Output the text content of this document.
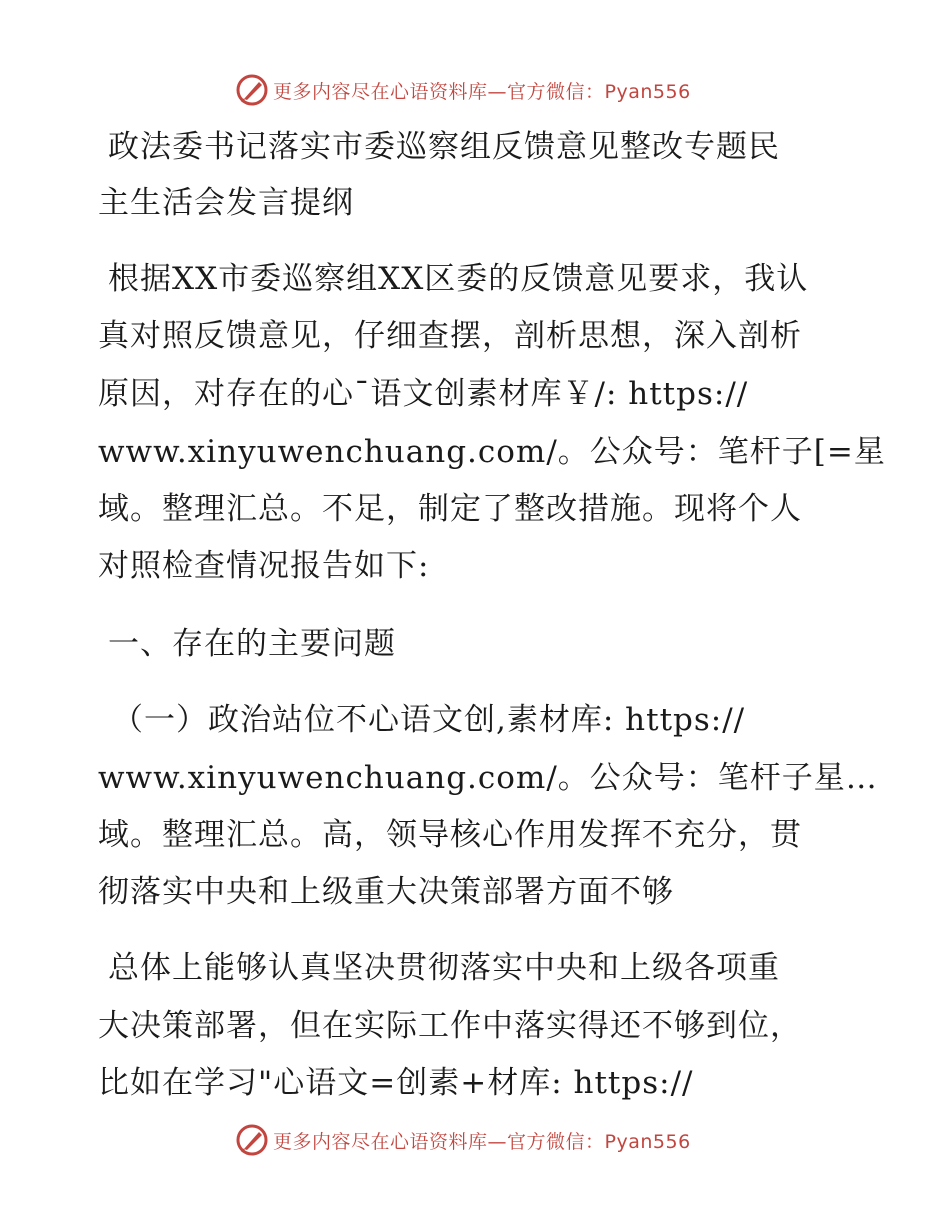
更多内容尽在心语资料库—官方微信：Pyan556
政法委书记落实市委巡察组反馈意见整改专题民
主生活会发言提纲
根据XX市委巡察组XX区委的反馈意见要求，我认
真对照反馈意见，仔细查摆，剖析思想，深入剖析
原因，对存在的心¯语文创素材库￥/: https://
www.xinyuwenchuang.com/。公众号：笔杆子[=星
域。整理汇总。不足，制定了整改措施。现将个人
对照检查情况报告如下:
一、存在的主要问题
（一）政治站位不心语文创,素材库: https://
www.xinyuwenchuang.com/。公众号：笔杆子星…
域。整理汇总。高，领导核心作用发挥不充分，贯
彻落实中央和上级重大决策部署方面不够
总体上能够认真坚决贯彻落实中央和上级各项重
大决策部署，但在实际工作中落实得还不够到位，
比如在学习"心语文=创素+材库: https://
更多内容尽在心语资料库—官方微信：Pyan556
